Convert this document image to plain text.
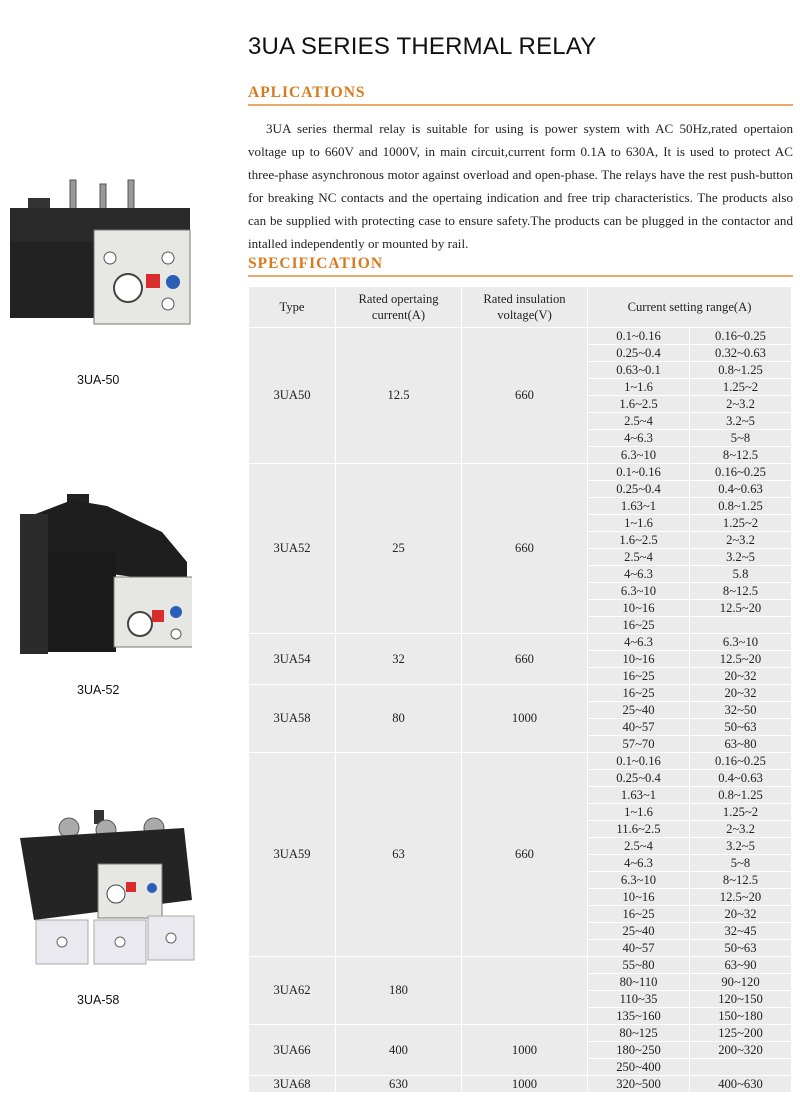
3UA SERIES THERMAL RELAY
APLICATIONS

3UA series thermal relay is suitable for using is power system with AC 50Hz,rated opertaion voltage up to 660V and 1000V, in main circuit,current form 0.1A to 630A, It is used to protect AC three-phase asynchronous motor against overload and open-phase. The relays have the rest push-button for breaking NC contacts and the opertaing indication and free trip characteristics. The products also can be supplied with protecting case to ensure safety.The products can be plugged in the contactor and intalled independently or mounted by rail.

SPECIFICATION
3UA-50
3UA-52
3UA-58
Type	Rated opertaing current(A)	Rated insulation voltage(V)	Current setting range(A)	
3UA50	12.5	660	0.1~0.16	0.16~0.25

			0.25~0.4	0.32~0.63

			0.63~0.1	0.8~1.25

			1~1.6	1.25~2

			1.6~2.5	2~3.2

			2.5~4	3.2~5

			4~6.3	5~8

			6.3~10	8~12.5

3UA52	25	660	0.1~0.16	0.16~0.25

			0.25~0.4	0.4~0.63

			1.63~1	0.8~1.25

			1~1.6	1.25~2

			1.6~2.5	2~3.2

			2.5~4	3.2~5

			4~6.3	5.8

			6.3~10	8~12.5

			10~16	12.5~20

			16~25	

3UA54	32	660	4~6.3	6.3~10

			10~16	12.5~20

			16~25	20~32

3UA58	80	1000	16~25	20~32

			25~40	32~50

			40~57	50~63

			57~70	63~80

3UA59	63	660	0.1~0.16	0.16~0.25

			0.25~0.4	0.4~0.63

			1.63~1	0.8~1.25

			1~1.6	1.25~2

			11.6~2.5	2~3.2

			2.5~4	3.2~5

			4~6.3	5~8

			6.3~10	8~12.5

			10~16	12.5~20

			16~25	20~32

			25~40	32~45

			40~57	50~63

3UA62	180		55~80	63~90

			80~110	90~120

			110~35	120~150

			135~160	150~180

3UA66	400	1000	80~125	125~200

			180~250	200~320

			250~400	

3UA68	630	1000	320~500	400~630
